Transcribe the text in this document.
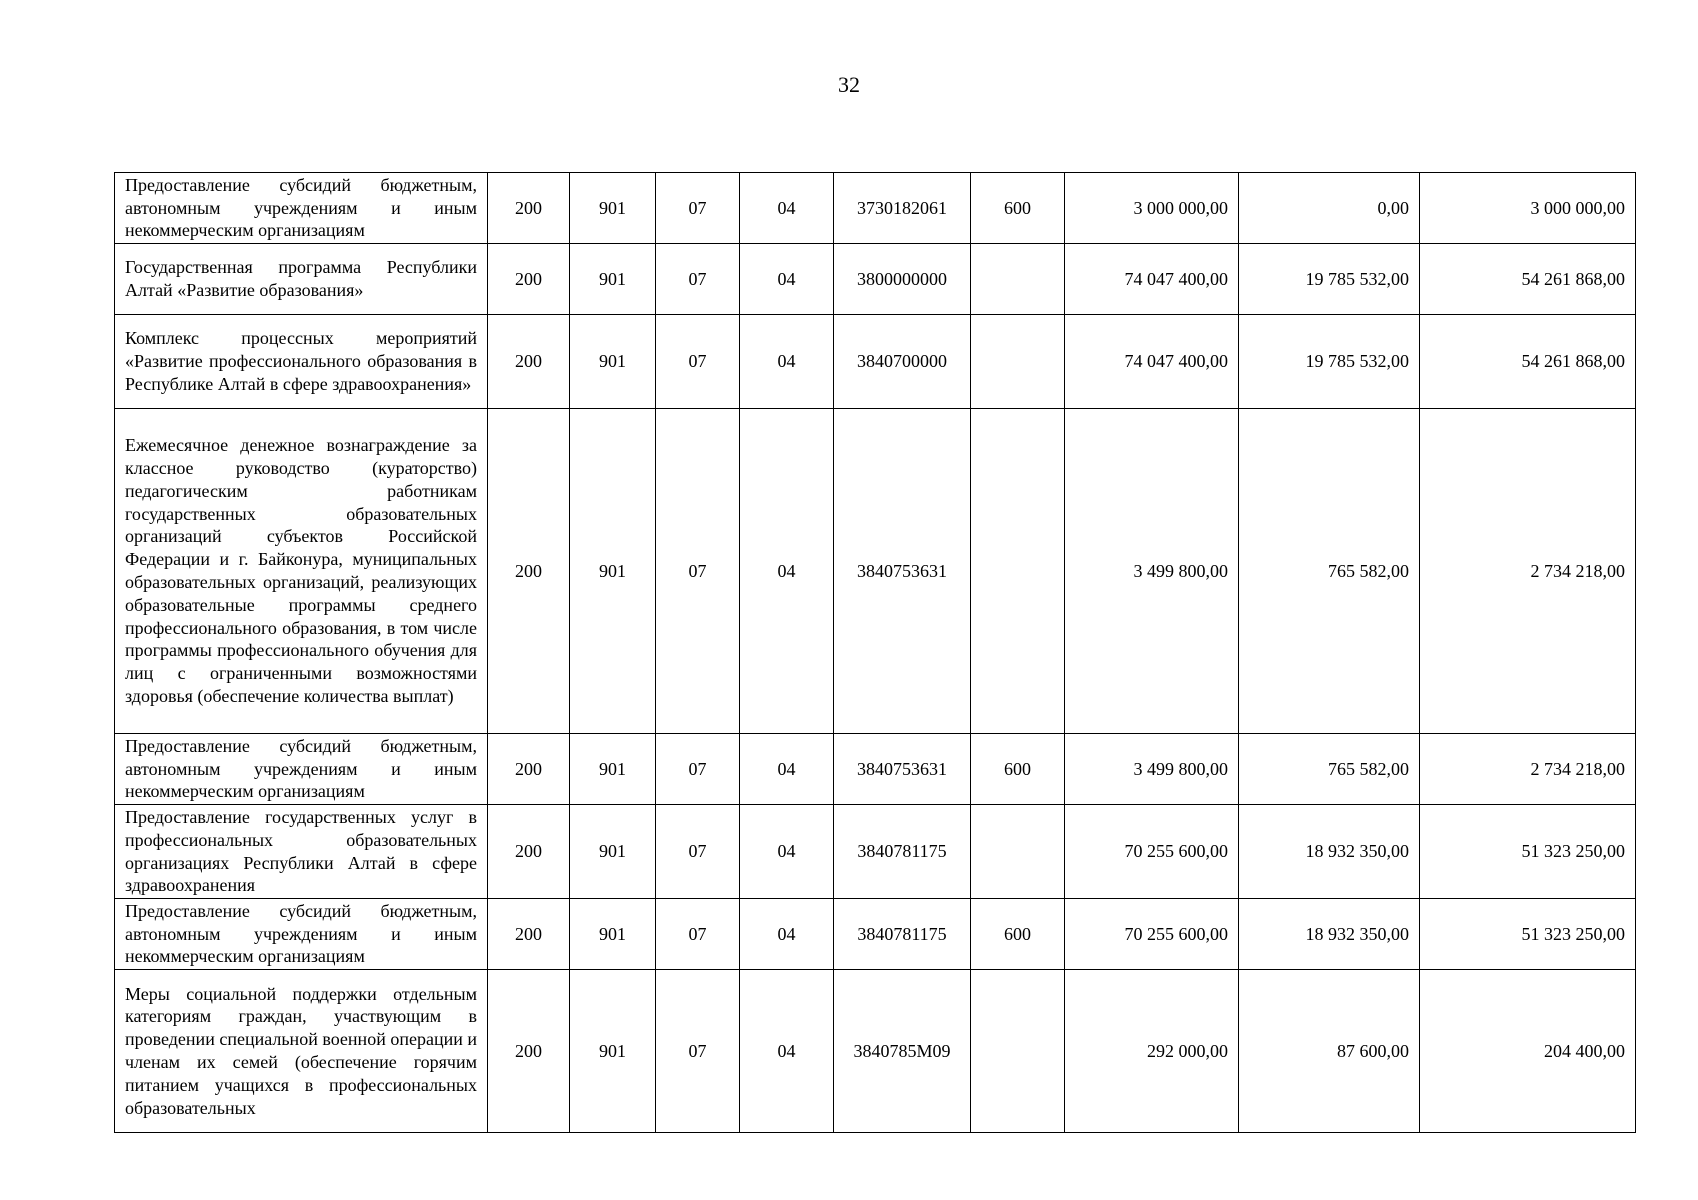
32
Предоставление субсидий бюджетным, автономным учреждениям и иным некоммерческим организациям	200	901	07	04	3730182061	600	3 000 000,00	0,00	3 000 000,00
Государственная программа Республики Алтай «Развитие образования»	200	901	07	04	3800000000		74 047 400,00	19 785 532,00	54 261 868,00
Комплекс процессных мероприятий «Развитие профессионального образования в Республике Алтай в сфере здравоохранения»	200	901	07	04	3840700000		74 047 400,00	19 785 532,00	54 261 868,00
Ежемесячное денежное вознаграждение за классное руководство (кураторство) педагогическим работникам государственных образовательных организаций субъектов Российской Федерации и г. Байконура, муниципальных образовательных организаций, реализующих образовательные программы среднего профессионального образования, в том числе программы профессионального обучения для лиц с ограниченными возможностями здоровья (обеспечение количества выплат)	200	901	07	04	3840753631		3 499 800,00	765 582,00	2 734 218,00
Предоставление субсидий бюджетным, автономным учреждениям и иным некоммерческим организациям	200	901	07	04	3840753631	600	3 499 800,00	765 582,00	2 734 218,00
Предоставление государственных услуг в профессиональных образовательных организациях Республики Алтай в сфере здравоохранения	200	901	07	04	3840781175		70 255 600,00	18 932 350,00	51 323 250,00
Предоставление субсидий бюджетным, автономным учреждениям и иным некоммерческим организациям	200	901	07	04	3840781175	600	70 255 600,00	18 932 350,00	51 323 250,00
Меры социальной поддержки отдельным категориям граждан, участвующим в проведении специальной военной операции и членам их семей (обеспечение горячим питанием учащихся в профессиональных образовательных	200	901	07	04	3840785М09		292 000,00	87 600,00	204 400,00
